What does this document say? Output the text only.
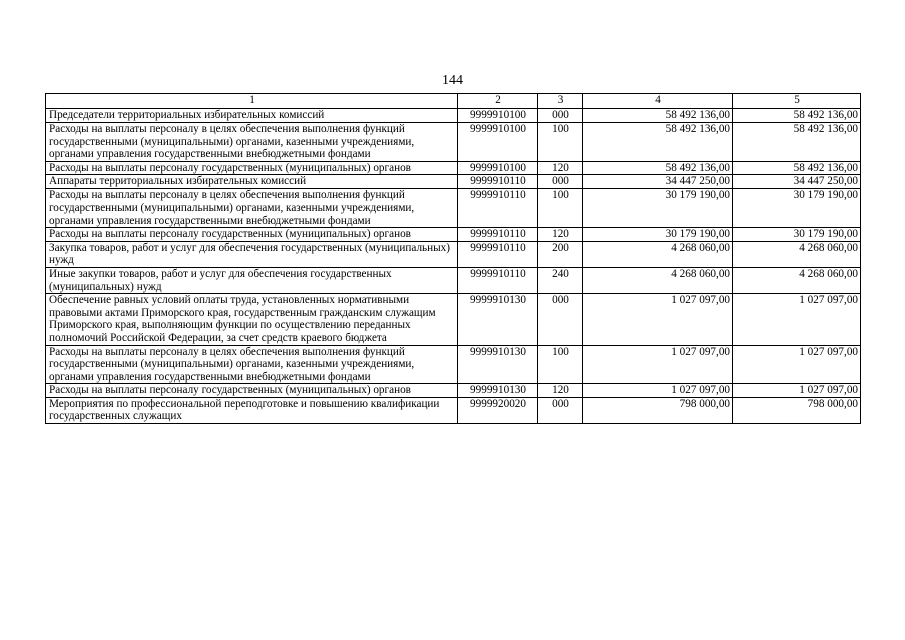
144
1	2	3	4	5
Председатели территориальных избирательных комиссий	9999910100	000	58 492 136,00	58 492 136,00
Расходы на выплаты персоналу в целях обеспечения выполнения функций государственными (муниципальными) органами, казенными учреждениями, органами управления государственными внебюджетными фондами	9999910100	100	58 492 136,00	58 492 136,00
Расходы на выплаты персоналу государственных (муниципальных) органов	9999910100	120	58 492 136,00	58 492 136,00
Аппараты территориальных избирательных комиссий	9999910110	000	34 447 250,00	34 447 250,00
Расходы на выплаты персоналу в целях обеспечения выполнения функций государственными (муниципальными) органами, казенными учреждениями, органами управления государственными внебюджетными фондами	9999910110	100	30 179 190,00	30 179 190,00
Расходы на выплаты персоналу государственных (муниципальных) органов	9999910110	120	30 179 190,00	30 179 190,00
Закупка товаров, работ и услуг для обеспечения государственных (муниципальных) нужд	9999910110	200	4 268 060,00	4 268 060,00
Иные закупки товаров, работ и услуг для обеспечения государственных (муниципальных) нужд	9999910110	240	4 268 060,00	4 268 060,00
Обеспечение равных условий оплаты труда, установленных нормативными правовыми актами Приморского края, государственным гражданским служащим Приморского края, выполняющим функции по осуществлению переданных полномочий Российской Федерации, за счет средств краевого бюджета	9999910130	000	1 027 097,00	1 027 097,00
Расходы на выплаты персоналу в целях обеспечения выполнения функций государственными (муниципальными) органами, казенными учреждениями, органами управления государственными внебюджетными фондами	9999910130	100	1 027 097,00	1 027 097,00
Расходы на выплаты персоналу государственных (муниципальных) органов	9999910130	120	1 027 097,00	1 027 097,00
Мероприятия по профессиональной переподготовке и повышению квалификации государственных служащих	9999920020	000	798 000,00	798 000,00
